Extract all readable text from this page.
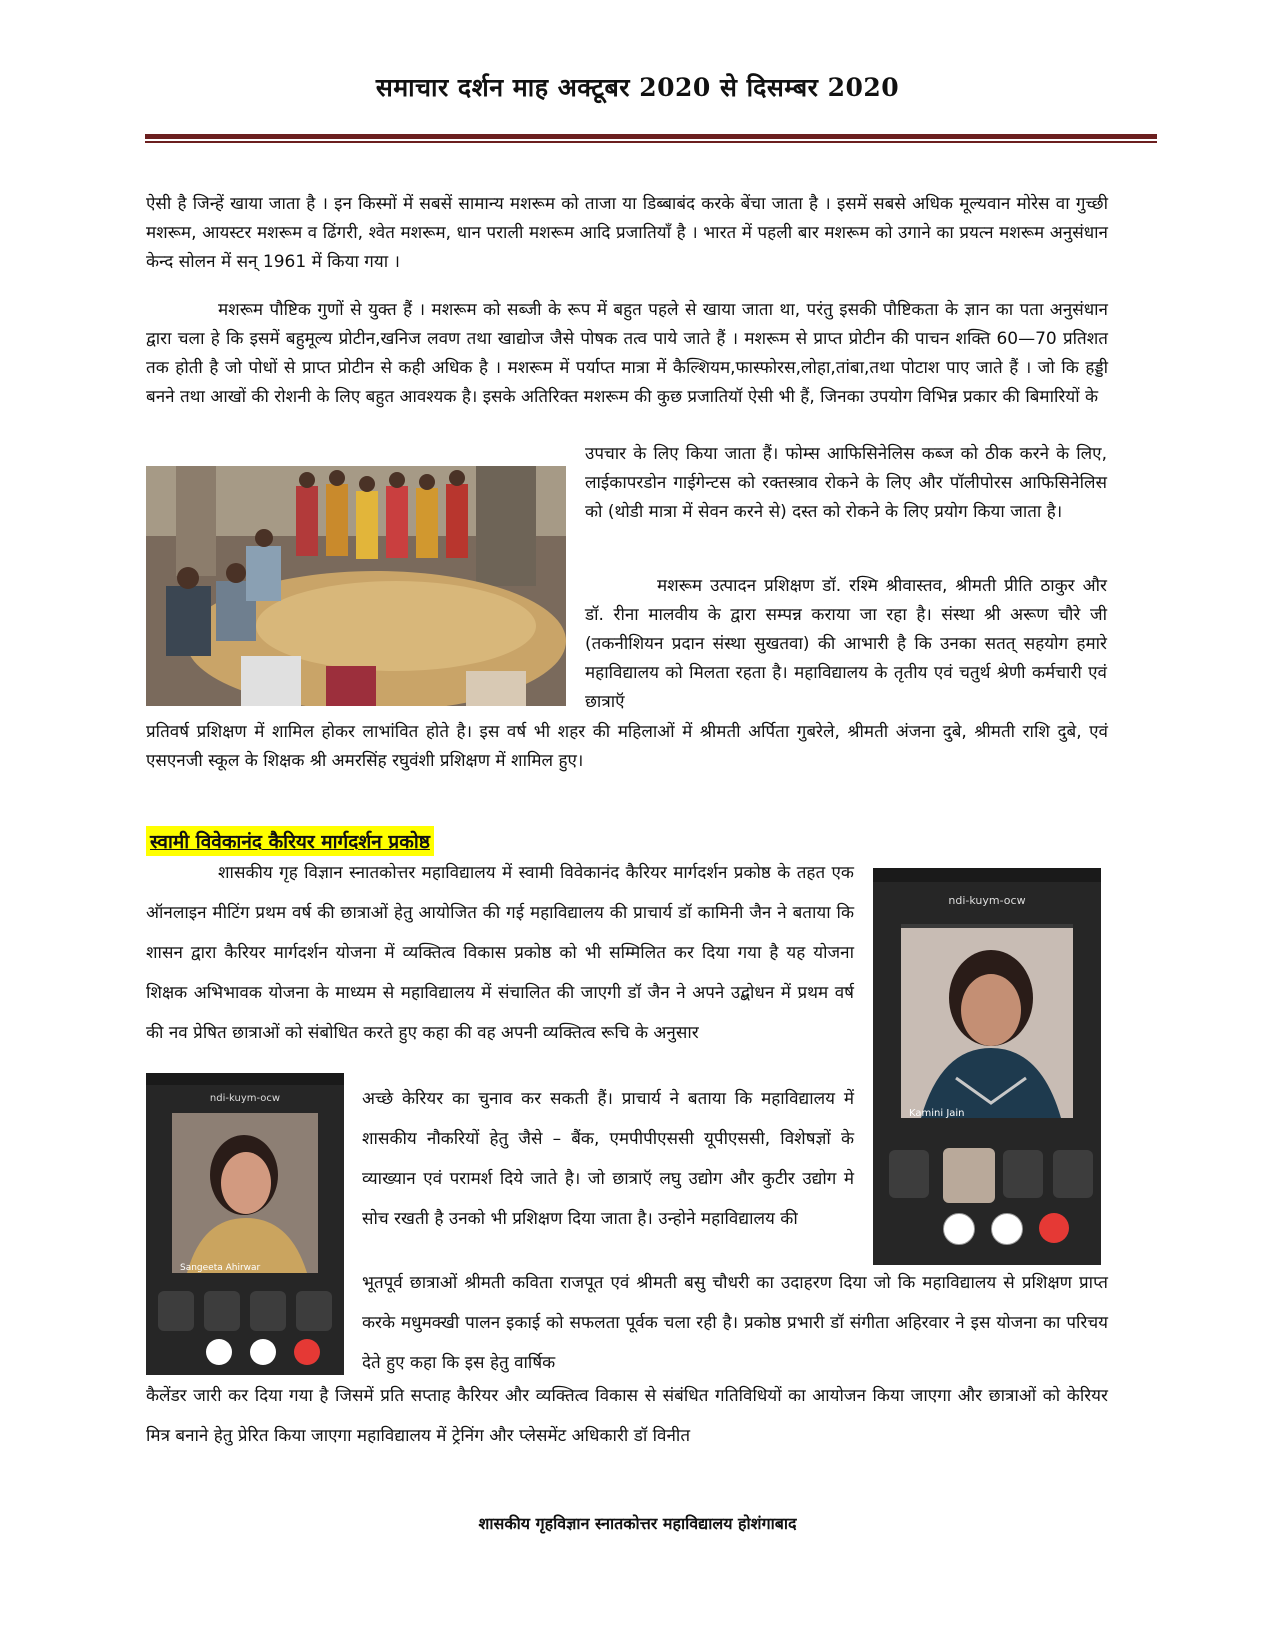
समाचार दर्शन माह अक्टूबर 2020 से दिसम्बर 2020
ऐसी है जिन्हें खाया जाता है । इन किस्मों में सबसें सामान्य मशरूम को ताजा या डिब्बाबंद करके बेंचा जाता है । इसमें सबसे अधिक मूल्यवान मोरेस वा गुच्छी मशरूम, आयस्टर मशरूम व ढिंगरी, श्वेत मशरूम, धान पराली मशरूम आदि प्रजातियाँ है । भारत में पहली बार मशरूम को उगाने का प्रयत्न मशरूम अनुसंधान केन्द सोलन में सन् 1961 में किया गया ।
मशरूम पौष्टिक गुणों से युक्त हैं । मशरूम को सब्जी के रूप में बहुत पहले से खाया जाता था, परंतु इसकी पौष्टिकता के ज्ञान का पता अनुसंधान द्वारा चला हे कि इसमें बहुमूल्य प्रोटीन,खनिज लवण तथा खाद्योज जैसे पोषक तत्व पाये जाते हैं । मशरूम से प्राप्त प्रोटीन की पाचन शक्ति 60—70 प्रतिशत तक होती है जो पोधों से प्राप्त प्रोटीन से कही अधिक है । मशरूम में पर्याप्त मात्रा में कैल्शियम,फास्फोरस,लोहा,तांबा,तथा पोटाश पाए जाते हैं । जो कि हड्डी बनने तथा आखों की रोशनी के लिए बहुत आवश्यक है। इसके अतिरिक्त मशरूम की कुछ प्रजातियॉ ऐसी भी हैं, जिनका उपयोग विभिन्न प्रकार की बिमारियों के
उपचार के लिए किया जाता हैं। फोम्स आफिसिनेलिस कब्ज को ठीक करने के लिए, लाईकापरडोन गाईगेन्टस को रक्तस्त्राव रोकने के लिए और पॉलीपोरस आफिसिनेलिस को (थोडी मात्रा में सेवन करने से) दस्त को रोकने के लिए प्रयोग किया जाता है।
मशरूम उत्पादन प्रशिक्षण डॉ. रश्मि श्रीवास्तव, श्रीमती प्रीति ठाकुर और डॉ. रीना मालवीय के द्वारा सम्पन्न कराया जा रहा है। संस्था श्री अरूण चौरे जी (तकनीशियन प्रदान संस्था सुखतवा) की आभारी है कि उनका सतत् सहयोग हमारे महाविद्यालय को मिलता रहता है। महाविद्यालय के तृतीय एवं चतुर्थ श्रेणी कर्मचारी एवं छात्राऍ
प्रतिवर्ष प्रशिक्षण में शामिल होकर लाभांवित होते है। इस वर्ष भी शहर की महिलाओं में श्रीमती अर्पिता गुबरेले, श्रीमती अंजना दुबे, श्रीमती राशि दुबे, एवं एसएनजी स्कूल के शिक्षक श्री अमरसिंह रघुवंशी प्रशिक्षण में शामिल हुए।
स्वामी विवेकानंद कैरियर मार्गदर्शन प्रकोष्ठ
शासकीय गृह विज्ञान स्नातकोत्तर महाविद्यालय में स्वामी विवेकानंद कैरियर मार्गदर्शन प्रकोष्ठ के तहत एक ऑनलाइन मीटिंग प्रथम वर्ष की छात्राओं हेतु आयोजित की गई महाविद्यालय की प्राचार्य डॉ कामिनी जैन ने बताया कि शासन द्वारा कैरियर मार्गदर्शन योजना में व्यक्तित्व विकास प्रकोष्ठ को भी सम्मिलित कर दिया गया है यह योजना शिक्षक अभिभावक योजना के माध्यम से महाविद्यालय में संचालित की जाएगी डॉ जैन ने अपने उद्बोधन में प्रथम वर्ष की नव प्रेषित छात्राओं को संबोधित करते हुए कहा की वह अपनी व्यक्तित्व रूचि के अनुसार
अच्छे केरियर का चुनाव कर सकती हैं। प्राचार्य ने बताया कि महाविद्यालय में शासकीय नौकरियों हेतु जैसे – बैंक, एमपीपीएससी यूपीएससी, विशेषज्ञों के व्याख्यान एवं परामर्श दिये जाते है। जो छात्राऍ लघु उद्योग और कुटीर उद्योग मे सोच रखती है उनको भी प्रशिक्षण दिया जाता है। उन्होने महाविद्यालय की
भूतपूर्व छात्राओं श्रीमती कविता राजपूत एवं श्रीमती बसु चौधरी का उदाहरण दिया जो कि महाविद्यालय से प्रशिक्षण प्राप्त करके मधुमक्खी पालन इकाई को सफलता पूर्वक चला रही है। प्रकोष्ठ प्रभारी डॉ संगीता अहिरवार ने इस योजना का परिचय देते हुए कहा कि इस हेतु वार्षिक
कैलेंडर जारी कर दिया गया है जिसमें प्रति सप्ताह कैरियर और व्यक्तित्व विकास से संबंधित गतिविधियों का आयोजन किया जाएगा और छात्राओं को केरियर मित्र बनाने हेतु प्रेरित किया जाएगा महाविद्यालय में ट्रेनिंग और प्लेसमेंट अधिकारी डॉ विनीत
ndi-kuym-ocw
Kamini Jain
ndi-kuym-ocw
Sangeeta Ahirwar
शासकीय गृहविज्ञान स्नातकोत्तर महाविद्यालय होशंगाबाद
